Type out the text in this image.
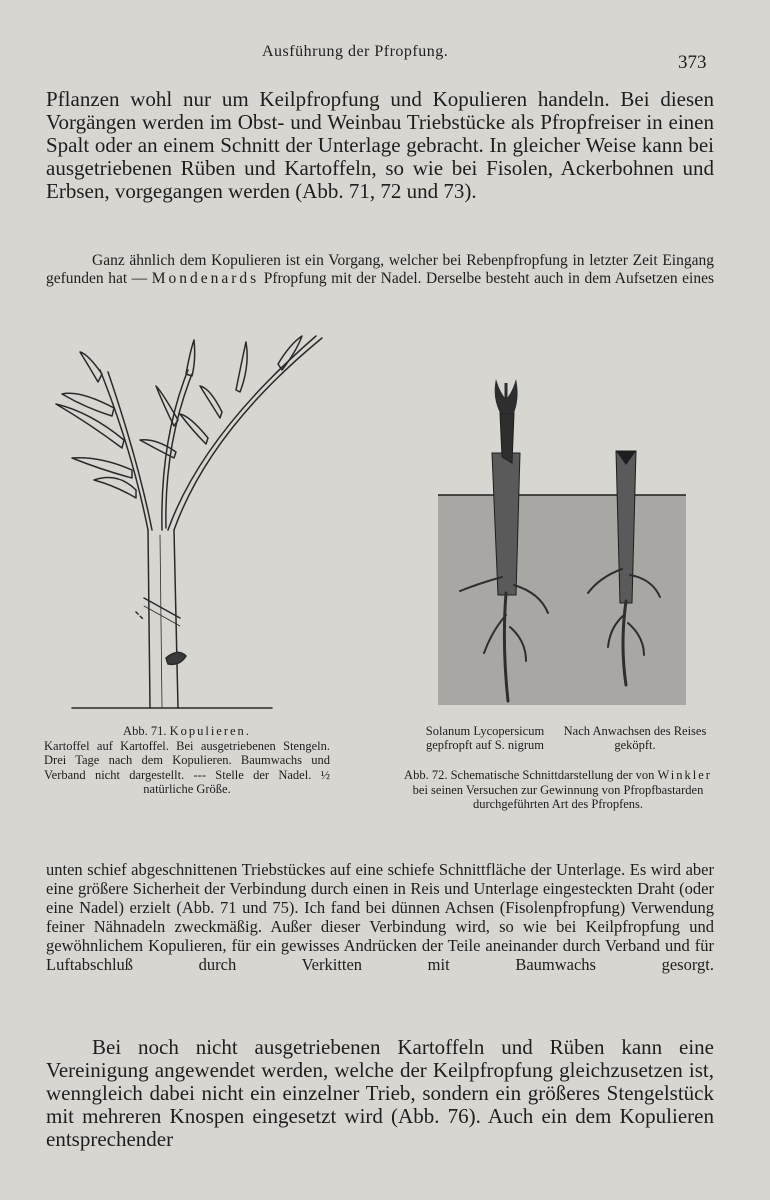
Ausführung der Pfropfung.
373

Pflanzen wohl nur um Keilpfropfung und Kopulieren handeln. Bei diesen Vorgängen werden im Obst- und Weinbau Triebstücke als Pfropfreiser in einen Spalt oder an einem Schnitt der Unterlage gebracht. In gleicher Weise kann bei ausgetriebenen Rüben und Kartoffeln, so wie bei Fisolen, Ackerbohnen und Erbsen, vorgegangen werden (Abb. 71, 72 und 73).

Ganz ähnlich dem Kopulieren ist ein Vorgang, welcher bei Rebenpfropfung in letzter Zeit Eingang gefunden hat — Mondenards Pfropfung mit der Nadel. Derselbe besteht auch in dem Aufsetzen eines

Abb. 71. Kopulieren.
Kartoffel auf Kartoffel. Bei ausgetriebenen Stengeln. Drei Tage nach dem Kopulieren. Baumwachs und Verband nicht dargestellt. --- Stelle der Nadel. ½ natürliche Größe.
Solanum Lycopersicum gepfropft auf S. nigrum
Nach Anwachsen des Reises geköpft.
Abb. 72. Schematische Schnittdarstellung der von Winkler bei seinen Versuchen zur Gewinnung von Pfropfbastarden durchgeführten Art des Pfropfens.

unten schief abgeschnittenen Triebstückes auf eine schiefe Schnittfläche der Unterlage. Es wird aber eine größere Sicherheit der Verbindung durch einen in Reis und Unterlage eingesteckten Draht (oder eine Nadel) erzielt (Abb. 71 und 75). Ich fand bei dünnen Achsen (Fisolenpfropfung) Verwendung feiner Nähnadeln zweckmäßig. Außer dieser Verbindung wird, so wie bei Keilpfropfung und gewöhnlichem Kopulieren, für ein gewisses Andrücken der Teile aneinander durch Verband und für Luftabschluß durch Verkitten mit Baumwachs gesorgt.

Bei noch nicht ausgetriebenen Kartoffeln und Rüben kann eine Vereinigung angewendet werden, welche der Keilpfropfung gleichzusetzen ist, wenngleich dabei nicht ein einzelner Trieb, sondern ein größeres Stengelstück mit mehreren Knospen eingesetzt wird (Abb. 76). Auch ein dem Kopulieren entsprechender
